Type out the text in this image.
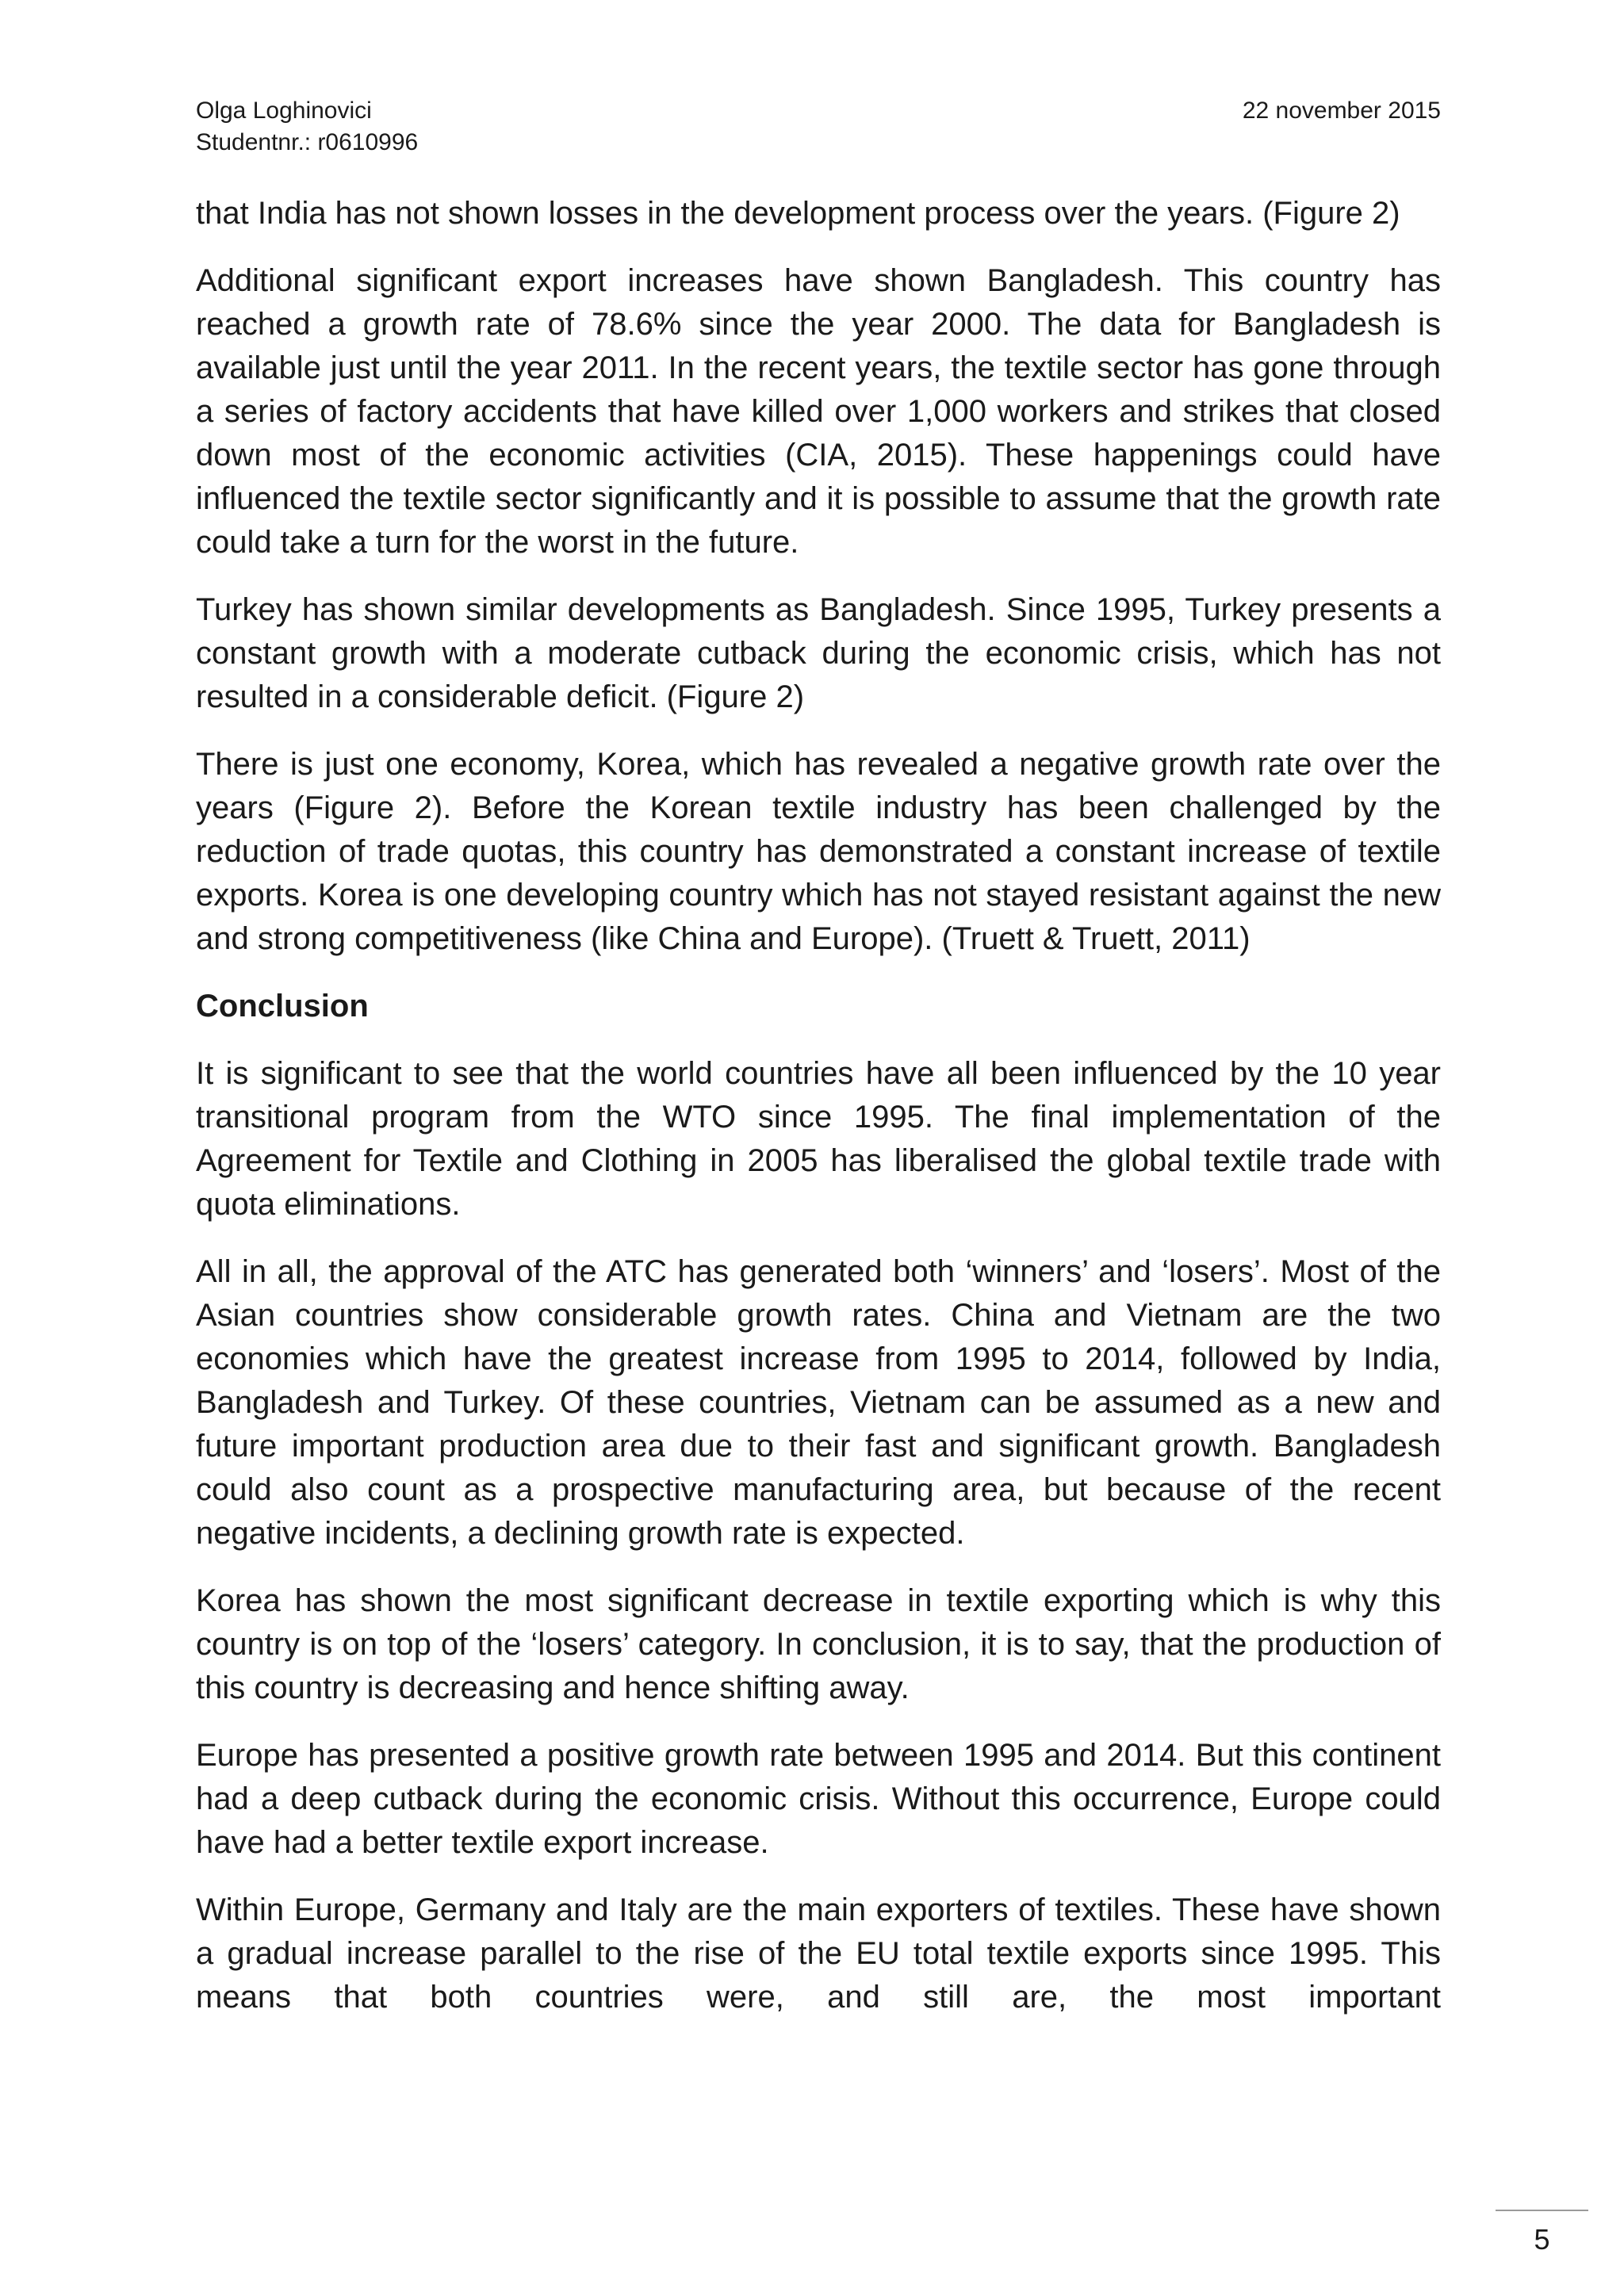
Olga Loghinovici
Studentnr.: r0610996
22 november 2015

that India has not shown losses in the development process over the years. (Figure 2)

Additional significant export increases have shown Bangladesh. This country has reached a growth rate of 78.6% since the year 2000. The data for Bangladesh is available just until the year 2011. In the recent years, the textile sector has gone through a series of factory accidents that have killed over 1,000 workers and strikes that closed down most of the economic activities (CIA, 2015). These happenings could have influenced the textile sector significantly and it is possible to assume that the growth rate could take a turn for the worst in the future.

Turkey has shown similar developments as Bangladesh. Since 1995, Turkey presents a constant growth with a moderate cutback during the economic crisis, which has not resulted in a considerable deficit. (Figure 2)

There is just one economy, Korea, which has revealed a negative growth rate over the years (Figure 2). Before the Korean textile industry has been challenged by the reduction of trade quotas, this country has demonstrated a constant increase of textile exports. Korea is one developing country which has not stayed resistant against the new and strong competitiveness (like China and Europe). (Truett & Truett, 2011)

Conclusion

It is significant to see that the world countries have all been influenced by the 10 year transitional program from the WTO since 1995. The final implementation of the Agreement for Textile and Clothing in 2005 has liberalised the global textile trade with quota eliminations.

All in all, the approval of the ATC has generated both ‘winners’ and ‘losers’. Most of the Asian countries show considerable growth rates. China and Vietnam are the two economies which have the greatest increase from 1995 to 2014, followed by India, Bangladesh and Turkey. Of these countries, Vietnam can be assumed as a new and future important production area due to their fast and significant growth. Bangladesh could also count as a prospective manufacturing area, but because of the recent negative incidents, a declining growth rate is expected.

Korea has shown the most significant decrease in textile exporting which is why this country is on top of the ‘losers’ category. In conclusion, it is to say, that the production of this country is decreasing and hence shifting away.

Europe has presented a positive growth rate between 1995 and 2014. But this continent had a deep cutback during the economic crisis. Without this occurrence, Europe could have had a better textile export increase.

Within Europe, Germany and Italy are the main exporters of textiles. These have shown a gradual increase parallel to the rise of the EU total textile exports since 1995. This means that both countries were, and still are, the most important

5
